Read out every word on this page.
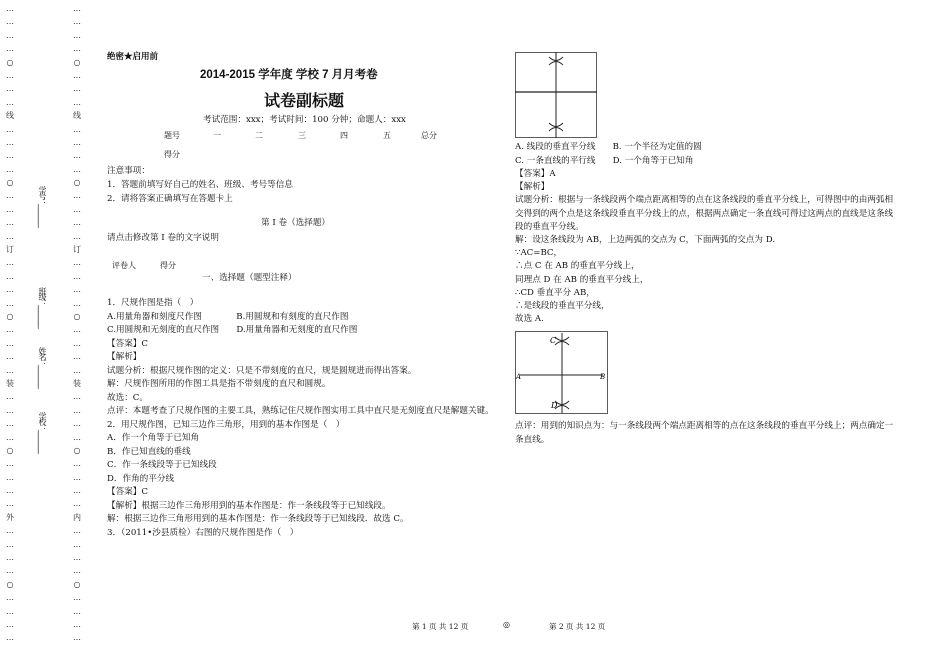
…
…
…
…
○
…
…
…
线
…
…
…
…
○
…
…
…
…
订
…
…
…
…
○
…
…
…
…
装
…
…
…
…
○
…
…
…
…
外
…
…
…
…
○
…
…
…
…
…
…
…
…
○
…
…
…
线
…
…
…
…
○
…
…
…
…
订
…
…
…
…
○
…
…
…
…
装
…
…
…
…
○
…
…
…
…
内
…
…
…
…
○
…
…
…
…
学号：___________
班级：___________
姓名：___________
学校：___________
绝密★启用前
2014-2015 学年度 学校 7 月月考卷
试卷副标题
考试范围：xxx；考试时间：100 分钟；命题人：xxx
题号	一	二	三	四	五	总分
得分
注意事项：
1．答题前填写好自己的姓名、班级、考号等信息
2．请将答案正确填写在答题卡上
第 I 卷（选择题）
请点击修改第 I 卷的文字说明
评卷人	得分
一、选择题（题型注释）
1．尺规作图是指（　）
A.用量角器和刻度尺作图　　　　B.用圆规和有刻度的直尺作图
C.用圆规和无刻度的直尺作图　　D.用量角器和无刻度的直尺作图
【答案】C
【解析】
试题分析：根据尺规作图的定义：只是不带刻度的直尺，规是圆规进而得出答案。
解：尺规作图所用的作图工具是指不带刻度的直尺和圆规。
故选：C。
点评：本题考查了尺规作图的主要工具，熟练记住尺规作图实用工具中直尺是无刻度直尺是解题关键。
2．用尺规作图，已知三边作三角形，用到的基本作图是（　）
A．作一个角等于已知角
B．作已知直线的垂线
C．作一条线段等于已知线段
D．作角的平分线
【答案】C
【解析】根据三边作三角形用到的基本作图是：作一条线段等于已知线段。
解：根据三边作三角形用到的基本作图是：作一条线段等于已知线段．故选 C。
3．（2011•沙县质检）右图的尺规作图是作（　）
A. 线段的垂直平分线　　B. 一个半径为定值的圆
C. 一条直线的平行线　　D. 一个角等于已知角
【答案】A
【解析】
试题分析：根据与一条线段两个端点距离相等的点在这条线段的垂直平分线上，可得图中的由两弧相
交得到的两个点是这条线段垂直平分线上的点，根据两点确定一条直线可得过这两点的直线是这条线
段的垂直平分线。
解：设这条线段为 AB，上边两弧的交点为 C，下面两弧的交点为 D.
∵AC=BC，
∴点 C 在 AB 的垂直平分线上，
同理点 D 在 AB 的垂直平分线上，
∴CD 垂直平分 AB，
∴是线段的垂直平分线，
故选 A.
C
A	B
D
点评：用到的知识点为：与一条线段两个端点距离相等的点在这条线段的垂直平分线上；两点确定一
条直线。
第 1 页 共 12 页	◎	第 2 页 共 12 页
